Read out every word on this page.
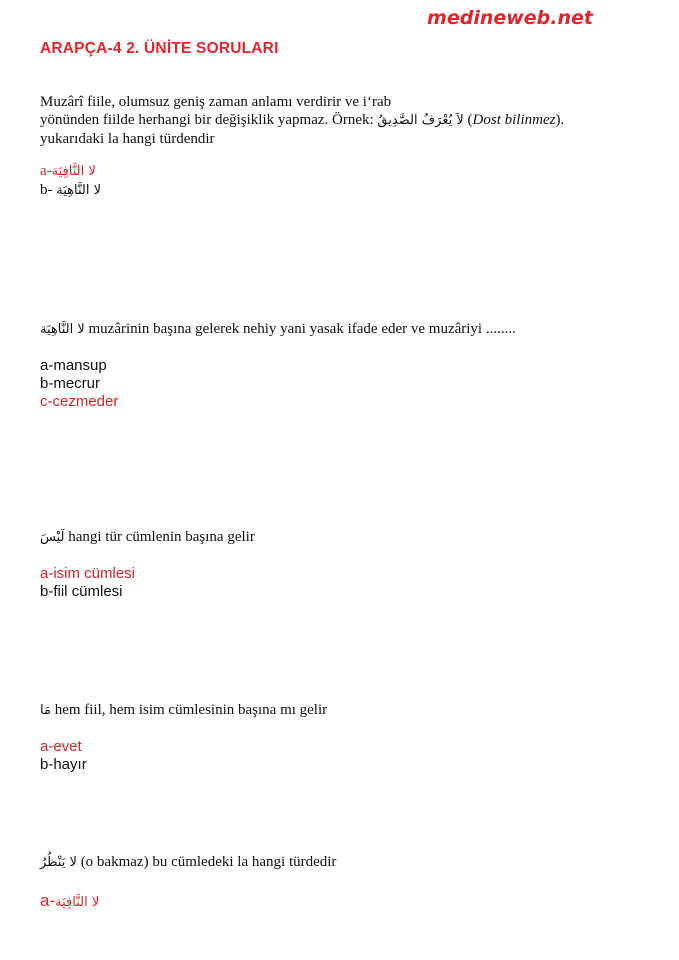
medineweb.net
ARAPÇA-4 2. ÜNİTE SORULARI

Muzârî fiile, olumsuz geniş zaman anlamı verdirir ve i‘rab

yönünden fiilde herhangi bir değişiklik yapmaz. Örnek: لاَ يُعْرَفُ الصَّدِيقُ (Dost bilinmez).

yukarıdaki la hangi türdendir

a-لا النَّافِيَة

b- لا النَّاهِيَة

لا النَّاهِيَة muzârinin başına gelerek nehiy yani yasak ifade eder ve muzâriyi ........

a-mansup

b-mecrur

c-cezmeder

لَيْسَ hangi tür cümlenin başına gelir

a-isim cümlesi

b-fiil cümlesi

مَا hem fiil, hem isim cümlesinin başına mı gelir

a-evet

b-hayır

لا يَنْظُرُ (o bakmaz) bu cümledeki la hangi türdedir

a-لا النَّافِيَة
